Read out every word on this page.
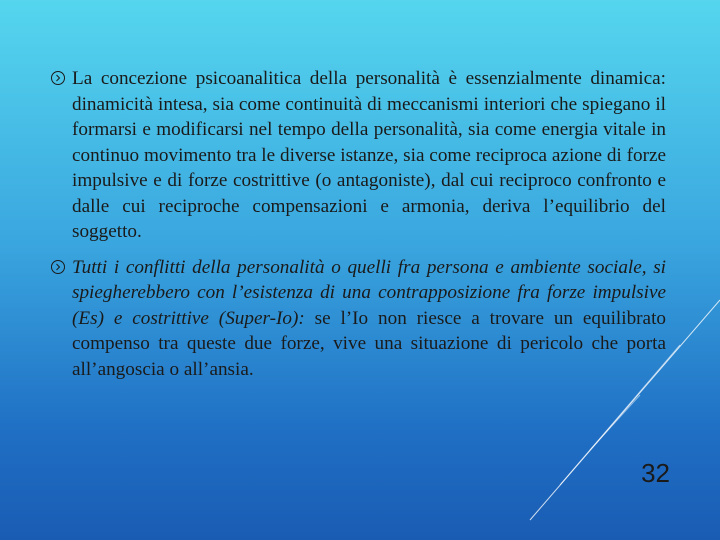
La concezione psicoanalitica della personalità è essenzialmente dinamica: dinamicità intesa, sia come continuità di meccanismi interiori che spiegano il formarsi e modificarsi nel tempo della personalità, sia come energia vitale in continuo movimento tra le diverse istanze, sia come reciproca azione di forze impulsive e di forze costrittive (o antagoniste), dal cui reciproco confronto e dalle cui reciproche compensazioni e armonia, deriva l’equilibrio del soggetto.
Tutti i conflitti della personalità o quelli fra persona e ambiente sociale, si spiegherebbero con l’esistenza di una contrapposizione fra forze impulsive (Es) e costrittive (Super-Io): se l’Io non riesce a trovare un equilibrato compenso tra queste due forze, vive una situazione di pericolo che porta all’angoscia o all’ansia.
32
